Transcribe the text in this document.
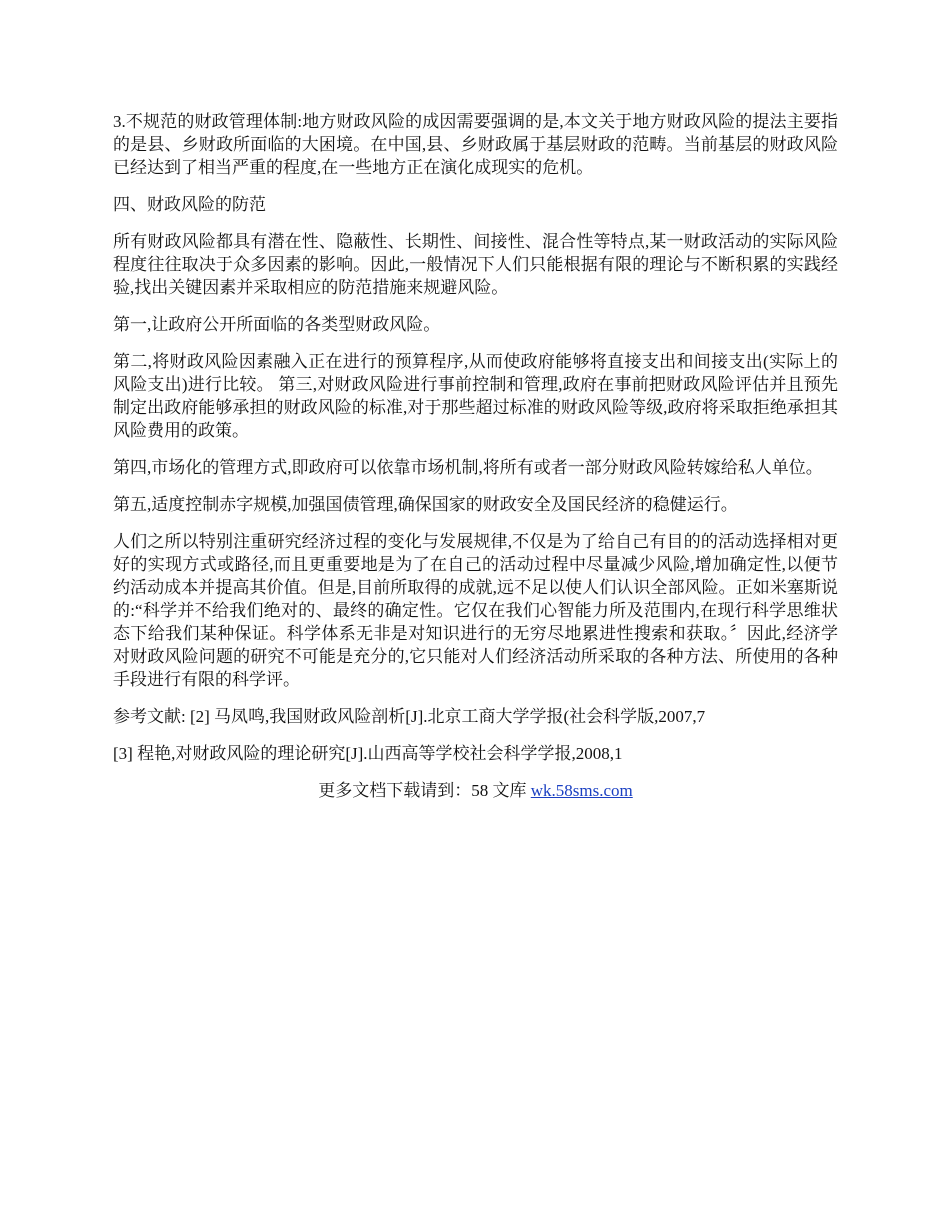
3.不规范的财政管理体制:地方财政风险的成因需要强调的是,本文关于地方财政风险的提法主要指的是县、乡财政所面临的大困境。在中国,县、乡财政属于基层财政的范畴。当前基层的财政风险已经达到了相当严重的程度,在一些地方正在演化成现实的危机。

四、财政风险的防范

所有财政风险都具有潜在性、隐蔽性、长期性、间接性、混合性等特点,某一财政活动的实际风险程度往往取决于众多因素的影响。因此,一般情况下人们只能根据有限的理论与不断积累的实践经验,找出关键因素并采取相应的防范措施来规避风险。

第一,让政府公开所面临的各类型财政风险。

第二,将财政风险因素融入正在进行的预算程序,从而使政府能够将直接支出和间接支出(实际上的风险支出)进行比较。 第三,对财政风险进行事前控制和管理,政府在事前把财政风险评估并且预先制定出政府能够承担的财政风险的标准,对于那些超过标准的财政风险等级,政府将采取拒绝承担其风险费用的政策。

第四,市场化的管理方式,即政府可以依靠市场机制,将所有或者一部分财政风险转嫁给私人单位。

第五,适度控制赤字规模,加强国债管理,确保国家的财政安全及国民经济的稳健运行。

人们之所以特别注重研究经济过程的变化与发展规律,不仅是为了给自己有目的的活动选择相对更好的实现方式或路径,而且更重要地是为了在自己的活动过程中尽量减少风险,增加确定性,以便节约活动成本并提高其价值。但是,目前所取得的成就,远不足以使人们认识全部风险。正如米塞斯说的:“科学并不给我们绝对的、最终的确定性。它仅在我们心智能力所及范围内,在现行科学思维状态下给我们某种保证。科学体系无非是对知识进行的无穷尽地累进性搜索和获取。〞因此,经济学对财政风险问题的研究不可能是充分的,它只能对人们经济活动所采取的各种方法、所使用的各种手段进行有限的科学评。

参考文献: [2] 马凤鸣,我国财政风险剖析[J].北京工商大学学报(社会科学版,2007,7

[3] 程艳,对财政风险的理论研究[J].山西高等学校社会科学学报,2008,1

更多文档下载请到：58 文库 wk.58sms.com
